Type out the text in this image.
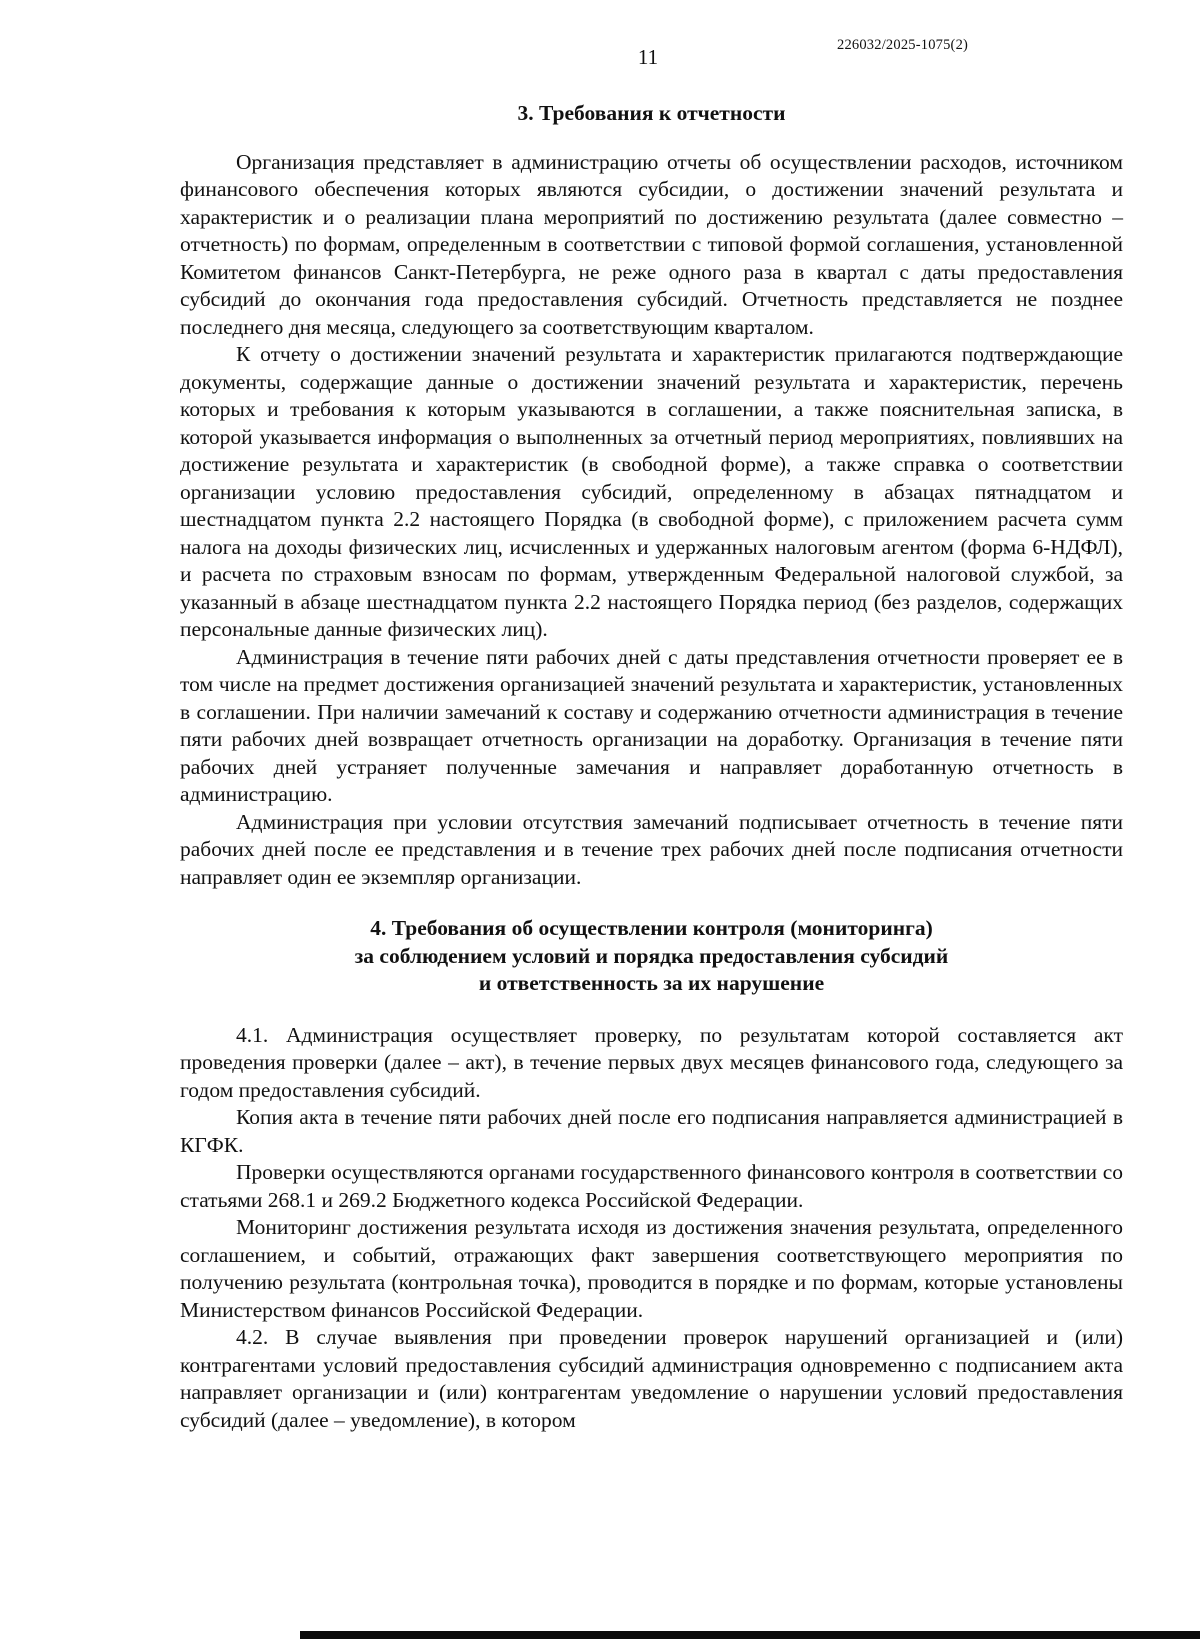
226032/2025-1075(2)
11
3. Требования к отчетности

Организация представляет в администрацию отчеты об осуществлении расходов, источником финансового обеспечения которых являются субсидии, о достижении значений результата и характеристик и о реализации плана мероприятий по достижению результата (далее совместно – отчетность) по формам, определенным в соответствии с типовой формой соглашения, установленной Комитетом финансов Санкт-Петербурга, не реже одного раза в квартал с даты предоставления субсидий до окончания года предоставления субсидий. Отчетность представляется не позднее последнего дня месяца, следующего за соответствующим кварталом.

К отчету о достижении значений результата и характеристик прилагаются подтверждающие документы, содержащие данные о достижении значений результата и характеристик, перечень которых и требования к которым указываются в соглашении, а также пояснительная записка, в которой указывается информация о выполненных за отчетный период мероприятиях, повлиявших на достижение результата и характеристик (в свободной форме), а также справка о соответствии организации условию предоставления субсидий, определенному в абзацах пятнадцатом и шестнадцатом пункта 2.2 настоящего Порядка (в свободной форме), с приложением расчета сумм налога на доходы физических лиц, исчисленных и удержанных налоговым агентом (форма 6-НДФЛ), и расчета по страховым взносам по формам, утвержденным Федеральной налоговой службой, за указанный в абзаце шестнадцатом пункта 2.2 настоящего Порядка период (без разделов, содержащих персональные данные физических лиц).

Администрация в течение пяти рабочих дней с даты представления отчетности проверяет ее в том числе на предмет достижения организацией значений результата и характеристик, установленных в соглашении. При наличии замечаний к составу и содержанию отчетности администрация в течение пяти рабочих дней возвращает отчетность организации на доработку. Организация в течение пяти рабочих дней устраняет полученные замечания и направляет доработанную отчетность в администрацию.

Администрация при условии отсутствия замечаний подписывает отчетность в течение пяти рабочих дней после ее представления и в течение трех рабочих дней после подписания отчетности направляет один ее экземпляр организации.

4. Требования об осуществлении контроля (мониторинга)
за соблюдением условий и порядка предоставления субсидий
и ответственность за их нарушение

4.1. Администрация осуществляет проверку, по результатам которой составляется акт проведения проверки (далее – акт), в течение первых двух месяцев финансового года, следующего за годом предоставления субсидий.

Копия акта в течение пяти рабочих дней после его подписания направляется администрацией в КГФК.

Проверки осуществляются органами государственного финансового контроля в соответствии со статьями 268.1 и 269.2 Бюджетного кодекса Российской Федерации.

Мониторинг достижения результата исходя из достижения значения результата, определенного соглашением, и событий, отражающих факт завершения соответствующего мероприятия по получению результата (контрольная точка), проводится в порядке и по формам, которые установлены Министерством финансов Российской Федерации.

4.2. В случае выявления при проведении проверок нарушений организацией и (или) контрагентами условий предоставления субсидий администрация одновременно с подписанием акта направляет организации и (или) контрагентам уведомление о нарушении условий предоставления субсидий (далее – уведомление), в котором
